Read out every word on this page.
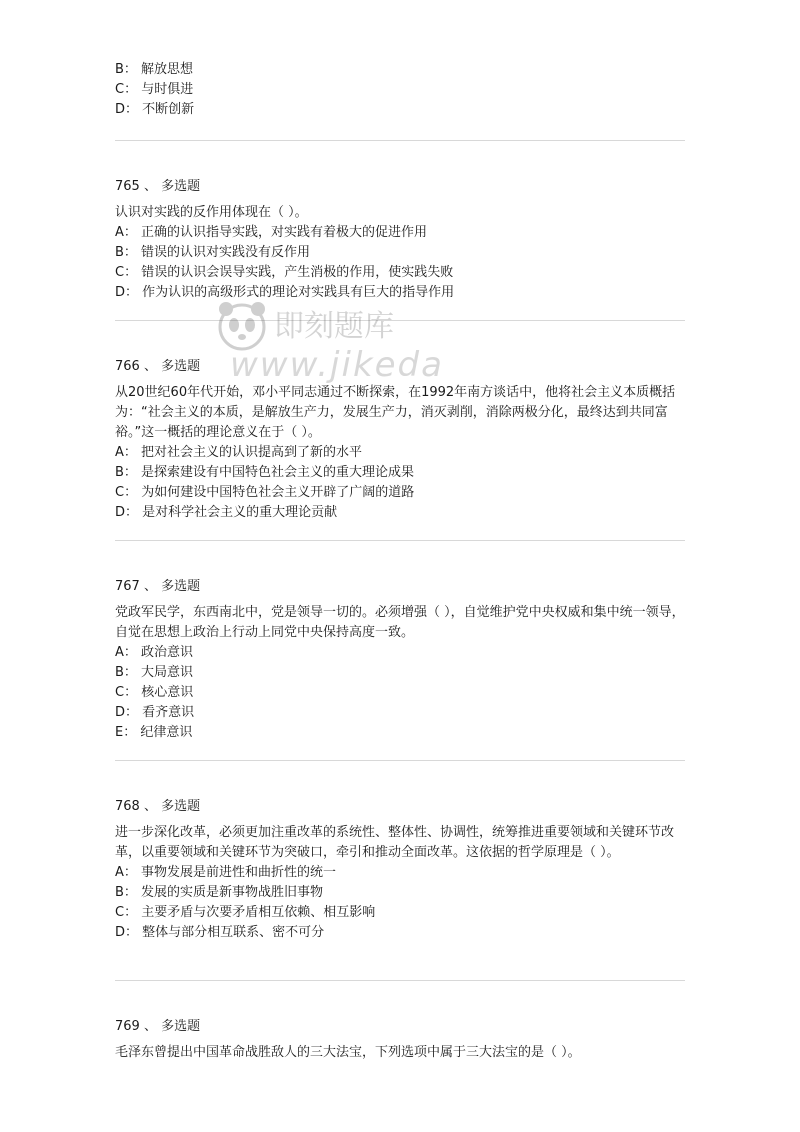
B： 解放思想
C： 与时俱进
D： 不断创新
765 、 多选题
认识对实践的反作用体现在（ ）。
A： 正确的认识指导实践，对实践有着极大的促进作用
B： 错误的认识对实践没有反作用
C： 错误的认识会误导实践，产生消极的作用，使实践失败
D： 作为认识的高级形式的理论对实践具有巨大的指导作用
766 、 多选题
从20世纪60年代开始，邓小平同志通过不断探索，在1992年南方谈话中，他将社会主义本质概括为：“社会主义的本质，是解放生产力，发展生产力，消灭剥削，消除两极分化，最终达到共同富裕。”这一概括的理论意义在于（ ）。
A： 把对社会主义的认识提高到了新的水平
B： 是探索建设有中国特色社会主义的重大理论成果
C： 为如何建设中国特色社会主义开辟了广阔的道路
D： 是对科学社会主义的重大理论贡献
767 、 多选题
党政军民学，东西南北中，党是领导一切的。必须增强（ ），自觉维护党中央权威和集中统一领导，自觉在思想上政治上行动上同党中央保持高度一致。
A： 政治意识
B： 大局意识
C： 核心意识
D： 看齐意识
E： 纪律意识
768 、 多选题
进一步深化改革，必须更加注重改革的系统性、整体性、协调性，统筹推进重要领域和关键环节改革，以重要领域和关键环节为突破口，牵引和推动全面改革。这依据的哲学原理是（ ）。
A： 事物发展是前进性和曲折性的统一
B： 发展的实质是新事物战胜旧事物
C： 主要矛盾与次要矛盾相互依赖、相互影响
D： 整体与部分相互联系、密不可分
769 、 多选题
毛泽东曾提出中国革命战胜敌人的三大法宝，下列选项中属于三大法宝的是（ ）。
即刻题库
www.jikeda
